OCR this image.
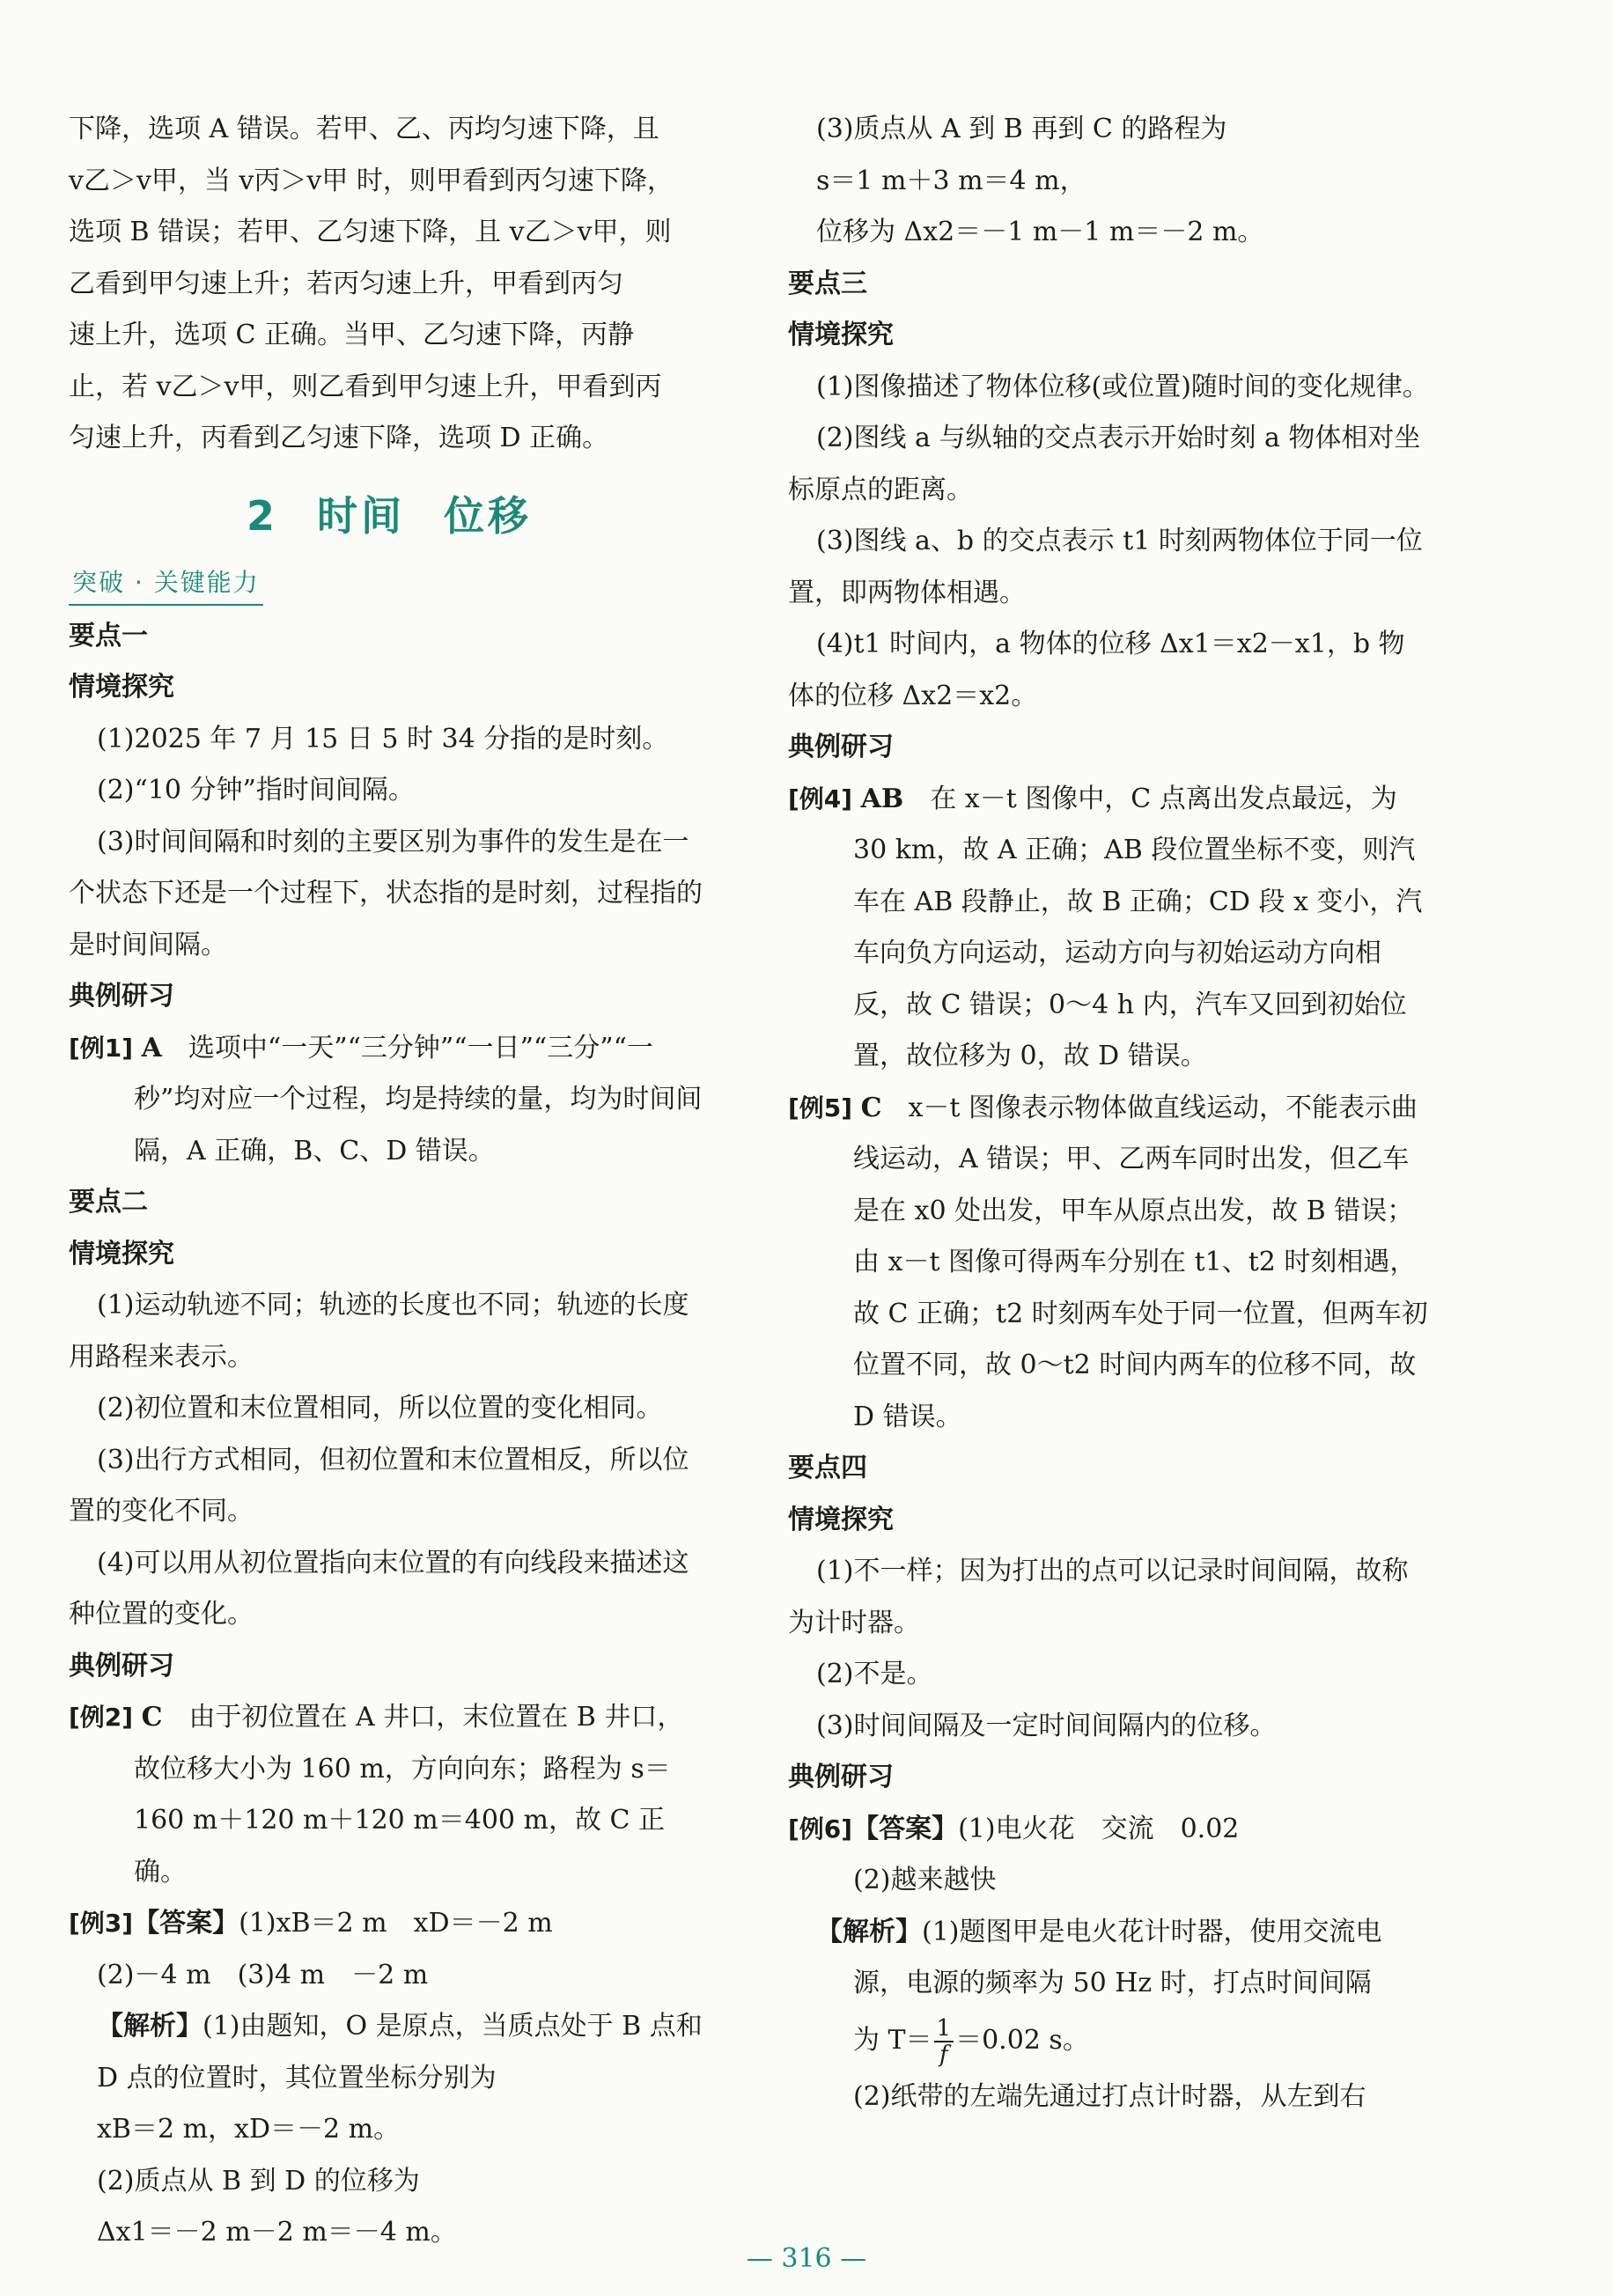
下降，选项 A 错误。若甲、乙、丙均匀速下降，且

v乙＞v甲，当 v丙＞v甲 时，则甲看到丙匀速下降，

选项 B 错误；若甲、乙匀速下降，且 v乙＞v甲，则

乙看到甲匀速上升；若丙匀速上升，甲看到丙匀

速上升，选项 C 正确。当甲、乙匀速下降，丙静

止，若 v乙＞v甲，则乙看到甲匀速上升，甲看到丙

匀速上升，丙看到乙匀速下降，选项 D 正确。

2 时间 位移
突破 · 关键能力

要点一

情境探究

(1)2025 年 7 月 15 日 5 时 34 分指的是时刻。

(2)“10 分钟”指时间间隔。

(3)时间间隔和时刻的主要区别为事件的发生是在一个状态下还是一个过程下，状态指的是时刻，过程指的是时间间隔。

典例研习

[例1] A　 选项中“一天”“三分钟”“一日”“三分”“一秒”均对应一个过程，均是持续的量，均为时间间隔，A 正确，B、C、D 错误。

要点二

情境探究

(1)运动轨迹不同；轨迹的长度也不同；轨迹的长度用路程来表示。

(2)初位置和末位置相同，所以位置的变化相同。

(3)出行方式相同，但初位置和末位置相反，所以位置的变化不同。

(4)可以用从初位置指向末位置的有向线段来描述这种位置的变化。

典例研习

[例2] C　 由于初位置在 A 井口，末位置在 B 井口，故位移大小为 160 m，方向向东；路程为 s＝160 m＋120 m＋120 m＝400 m，故 C 正确。

[例3]【答案】(1)xB＝2 m　xD＝－2 m

(2)－4 m　(3)4 m　－2 m

【解析】(1)由题知，O 是原点，当质点处于 B 点和 D 点的位置时，其位置坐标分别为

xB＝2 m，xD＝－2 m。

(2)质点从 B 到 D 的位移为

Δx1＝－2 m－2 m＝－4 m。

(3)质点从 A 到 B 再到 C 的路程为

s＝1 m＋3 m＝4 m，

位移为 Δx2＝－1 m－1 m＝－2 m。

要点三

情境探究

(1)图像描述了物体位移(或位置)随时间的变化规律。

(2)图线 a 与纵轴的交点表示开始时刻 a 物体相对坐标原点的距离。

(3)图线 a、b 的交点表示 t1 时刻两物体位于同一位置，即两物体相遇。

(4)t1 时间内，a 物体的位移 Δx1＝x2－x1，b 物体的位移 Δx2＝x2。

典例研习

[例4] AB　 在 x－t 图像中，C 点离出发点最远，为 30 km，故 A 正确；AB 段位置坐标不变，则汽车在 AB 段静止，故 B 正确；CD 段 x 变小，汽车向负方向运动，运动方向与初始运动方向相反，故 C 错误；0～4 h 内，汽车又回到初始位置，故位移为 0，故 D 错误。

[例5] C　 x－t 图像表示物体做直线运动，不能表示曲线运动，A 错误；甲、乙两车同时出发，但乙车是在 x0 处出发，甲车从原点出发，故 B 错误；由 x－t 图像可得两车分别在 t1、t2 时刻相遇，故 C 正确；t2 时刻两车处于同一位置，但两车初位置不同，故 0～t2 时间内两车的位移不同，故 D 错误。

要点四

情境探究

(1)不一样；因为打出的点可以记录时间间隔，故称为计时器。

(2)不是。

(3)时间间隔及一定时间间隔内的位移。

典例研习

[例6]【答案】(1)电火花　交流　0.02

(2)越来越快

【解析】(1)题图甲是电火花计时器，使用交流电源，电源的频率为 50 Hz 时，打点时间间隔

为 $T= \frac{1}{f} =0.02$ s。

(2)纸带的左端先通过打点计时器，从左到右

— 316 —
